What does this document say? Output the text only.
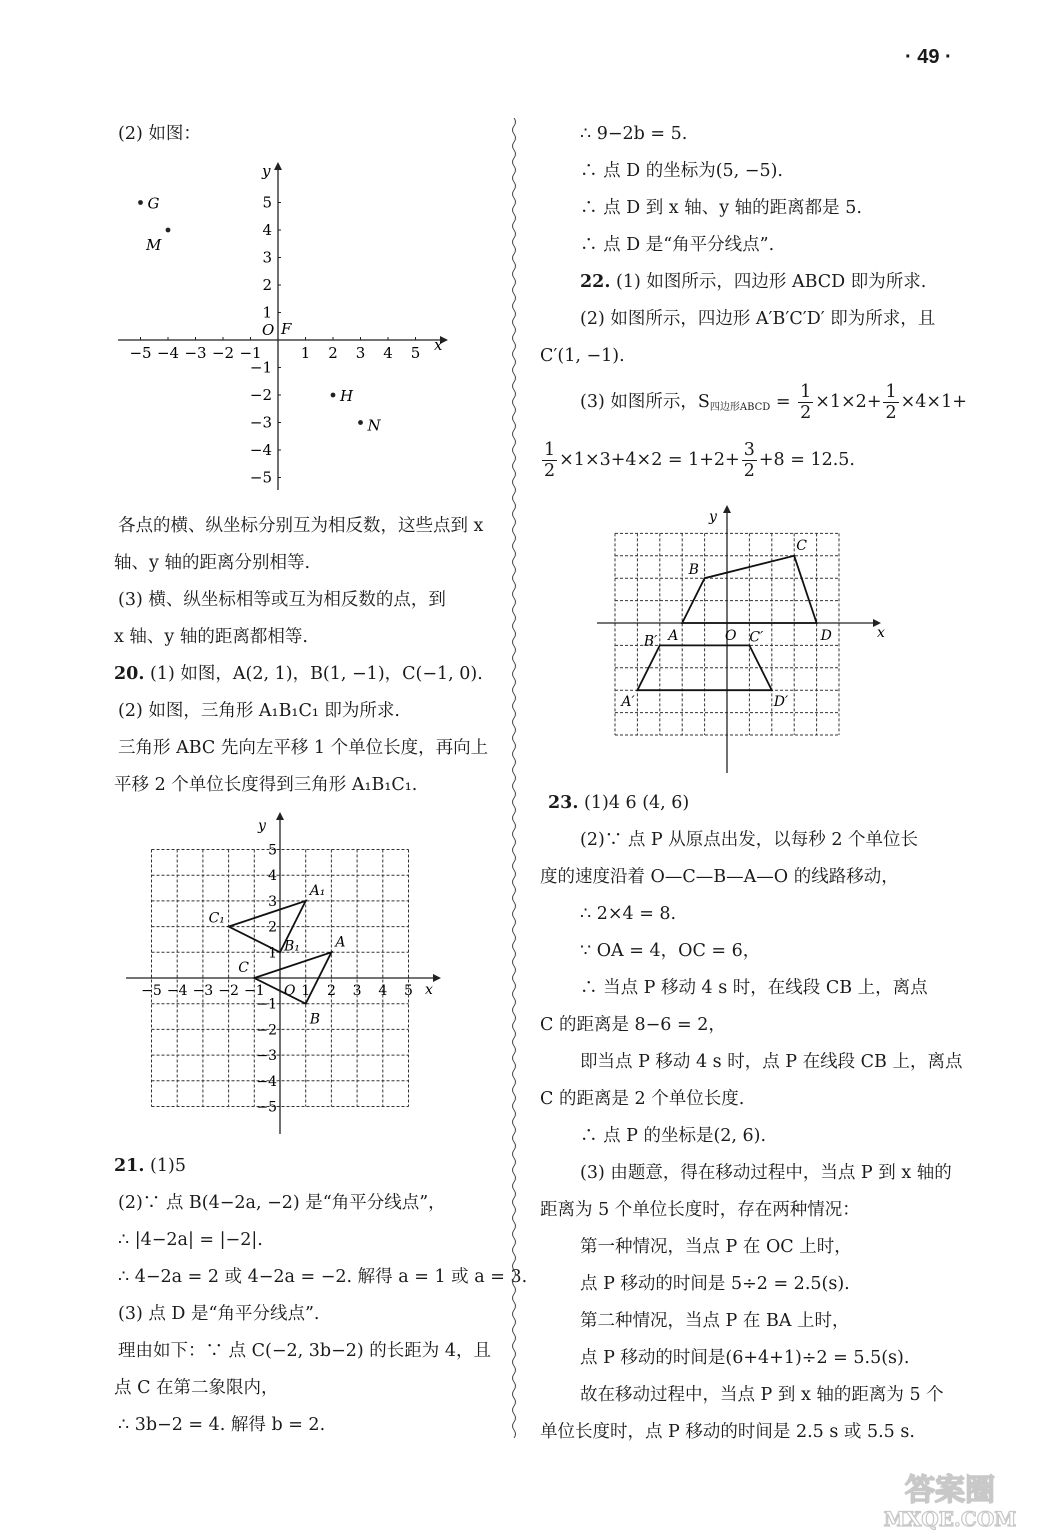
· 49 ·
(2) 如图：
x
y
O
−5 −4 −3 −2 −1	1 2 3 4 5
5
4
3
2
1
−1
−2
−3
−4
−5
G
M
F
H
N
各点的横、纵坐标分别互为相反数，这些点到 x
轴、y 轴的距离分别相等.
(3) 横、纵坐标相等或互为相反数的点，到
x 轴、y 轴的距离都相等.
20. (1) 如图，A(2, 1)，B(1, −1)，C(−1, 0).
(2) 如图，三角形 A₁B₁C₁ 即为所求.
三角形 ABC 先向左平移 1 个单位长度，再向上
平移 2 个单位长度得到三角形 A₁B₁C₁.
x
y
O
−5 −4 −3 −2 −1	1 2 3 4 5
5
4
3
2
1
−1
−2
−3
−4
−5
A
B
C
A₁
B₁
C₁
21. (1)5
(2)∵ 点 B(4−2a, −2) 是“角平分线点”，
∴ |4−2a| = |−2|.
∴ 4−2a = 2 或 4−2a = −2. 解得 a = 1 或 a = 3.
(3) 点 D 是“角平分线点”.
理由如下：∵ 点 C(−2, 3b−2) 的长距为 4，且
点 C 在第二象限内，
∴ 3b−2 = 4. 解得 b = 2.
∴ 9−2b = 5.
∴ 点 D 的坐标为(5, −5).
∴ 点 D 到 x 轴、y 轴的距离都是 5.
∴ 点 D 是“角平分线点”.
22. (1) 如图所示，四边形 ABCD 即为所求.
(2) 如图所示，四边形 A′B′C′D′ 即为所求，且
C′(1, −1).
(3) 如图所示，$S_{四边形ABCD} = \frac{1}{2} \times 1\times 2+ \frac{1}{2} \times 4\times 1+$
$\frac{1}{2} \times 1\times 3+4\times 2 = 1+2+ \frac{3}{2} +8 = 12.5$.
x
y
O
A
B
C
D
A′
B′	C′
D′
23. (1)4 6 (4, 6)
(2)∵ 点 P 从原点出发，以每秒 2 个单位长
度的速度沿着 O—C—B—A—O 的线路移动，
∴ 2×4 = 8.
∵ OA = 4，OC = 6，
∴ 当点 P 移动 4 s 时，在线段 CB 上，离点
C 的距离是 8−6 = 2，
即当点 P 移动 4 s 时，点 P 在线段 CB 上，离点
C 的距离是 2 个单位长度.
∴ 点 P 的坐标是(2, 6).
(3) 由题意，得在移动过程中，当点 P 到 x 轴的
距离为 5 个单位长度时，存在两种情况：
第一种情况，当点 P 在 OC 上时，
点 P 移动的时间是 5÷2 = 2.5(s).
第二种情况，当点 P 在 BA 上时，
点 P 移动的时间是(6+4+1)÷2 = 5.5(s).
故在移动过程中，当点 P 到 x 轴的距离为 5 个
单位长度时，点 P 移动的时间是 2.5 s 或 5.5 s.
答案圈
MXQE.COM
